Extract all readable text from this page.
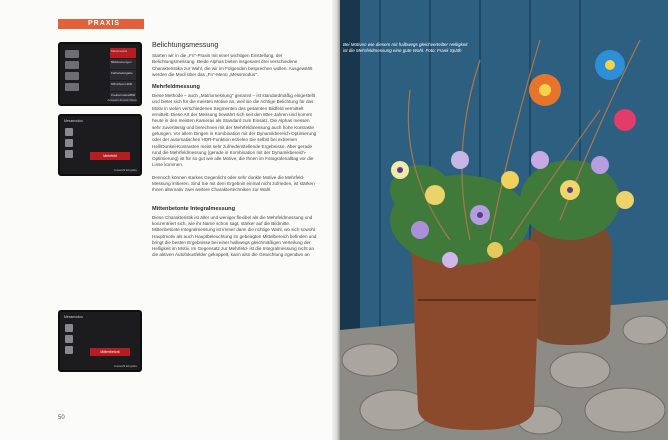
PRAXIS
Messmodus
Bildstreinungen
Farbwiedergabe
DRO/Auto HDR
Kreativmodus/Bild
Auswahl Zurück Menü
Messmodus
Mehrfeld
Auswahl Eingabe
Messmodus
Mittenbetont
Auswahl Eingabe
Belichtungsmessung

Starten wir in die „Fn“-Praxis mit einer wichtigen Einstellung, der Belichtungsmessung. Beide Alphas bieten insgesamt drei verschiedene Charakteristika zur Wahl, die wir im Folgenden besprechen wollen. Ausgewählt werden die Modi über das „Fn“-Menü „Messmodus“.

Mehrfeldmessung

Diese Methode – auch „Matrixmessung“ genannt – ist standardmäßig eingestellt und bietet sich für die meisten Motive an, weil sie die richtige Belichtung für das Motiv in vielen verschiedenen Segmenten des gesamten Bildfeld vermittelt ermittelt. Diese Art der Messung bewährt sich seit den 80er-Jahren und kommt heute in den meisten Kameras als Standard zum Einsatz. Die Alphas messen sehr zuverlässig und berechnen mit der Mehrfeldmessung auch hohe Kontraste gelungen. Vor allem Dingen in Kombination mit der Dynamikbereich-Optimierung oder der automatischen HDR-Funktion erzielen Sie selbst bei extremen Hell/Dunkel-Kontrasten meist sehr zufriedenstellende Ergebnisse. Aber gerade rund die Mehrfeldmessung (gerade in Kombination mit der Dynamikbereich-Optimierung) ist für so gut wie alle Motive, die Ihnen im Fotografenalltag vor die Linse kommen.

Dennoch können starkes Gegenlicht oder sehr dunkle Motive die Mehrfeld-Messung irritieren. Sind Sie mit dem Ergebnis einmal nicht zufrieden, ist stärken Ihnen alternativ zwei weitere Charaktertechniken zur Wahl.

Mittenbetonte Integralmessung

Diese Charakteristik ist älter und weniger flexibel als die Mehrfeldmessung und konzentriert sich, wie ihr Name schon sagt, stärker auf die Bildmitte. Mittenbetonte Integralmessung ist immer dann die richtige Wahl, wo sich sowohl Hauptmotiv als auch Hauptbeleuchtung im gebeugten Mittelbereich befinden und bringt die besten Ergebnisse bei einer halbwegs gleichmäßigen Verteilung der Helligkeit im Motiv. Im Gegensatz zur Mehrfeld- ist die Integralmessung nicht an die aktiven Autofokusfelder gekoppelt, kann also die Gewichtung irgendwo an

50
Bei Motiven wie diesem mit halbwegs gleichverteilter Helligkeit ist die Mehrfeldmessung eine gute Wahl. Foto: Frank Späth
